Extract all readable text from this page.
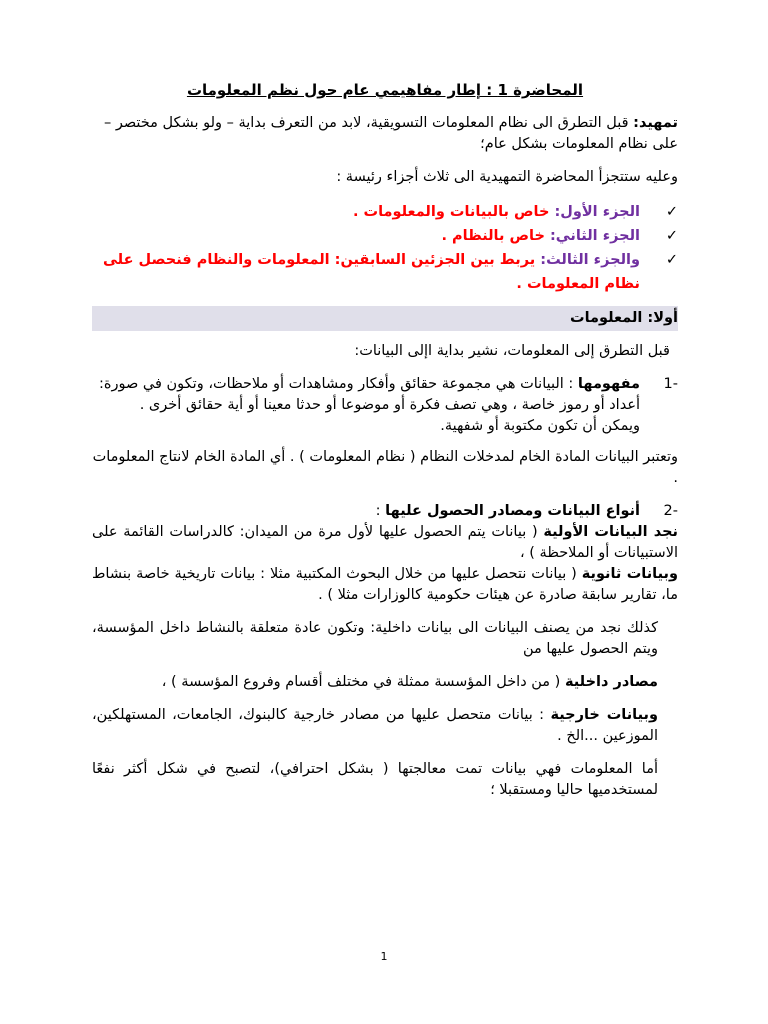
المحاضرة 1 : إطار مفاهيمي عام حول نظم المعلومات

تمهيد: قبل التطرق الى نظام المعلومات التسويقية، لابد من التعرف بداية – ولو بشكل مختصر – على نظام المعلومات بشكل عام؛

وعليه ستتجزأ المحاضرة التمهيدية الى ثلاث أجزاء رئيسة :

✓
الجزء الأول: خاص بالبيانات والمعلومات .
✓
الجزء الثاني: خاص بالنظام .
✓
والجزء الثالث: يربط بين الجزئين السابقين: المعلومات والنظام فنحصل على نظام المعلومات .
أولا: المعلومات

قبل التطرق إلى المعلومات، نشير بداية اإلى البيانات:

-1
مفهومها : البيانات هي مجموعة حقائق وأفكار ومشاهدات أو ملاحظات، وتكون في صورة: أعداد أو رموز خاصة ، وهي تصف فكرة أو موضوعا أو حدثا معينا أو أية حقائق أخرى .
ويمكن أن تكون مكتوبة أو شفهية.

وتعتبر البيانات المادة الخام لمدخلات النظام ( نظام المعلومات ) . أي المادة الخام لانتاج المعلومات .

-2
أنواع البيانات ومصادر الحصول عليها :
نجد البيانات الأولية ( بيانات يتم الحصول عليها لأول مرة من الميدان: كالدراسات القائمة على الاستبيانات أو الملاحظة ) ،
وبيانات ثانوية ( بيانات نتحصل عليها من خلال البحوث المكتبية مثلا : بيانات تاريخية خاصة بنشاط ما، تقارير سابقة صادرة عن هيئات حكومية كالوزارات مثلا ) .

كذلك نجد من يصنف البيانات الى بيانات داخلية: وتكون عادة متعلقة بالنشاط داخل المؤسسة، ويتم الحصول عليها من

مصادر داخلية ( من داخل المؤسسة ممثلة في مختلف أقسام وفروع المؤسسة ) ،

وبيانات خارجية : بيانات متحصل عليها من مصادر خارجية كالبنوك، الجامعات، المستهلكين، الموزعين ...الخ .

أما المعلومات فهي بيانات تمت معالجتها ( بشكل احترافي)، لتصبح في شكل أكثر نفعًا لمستخدميها حاليا ومستقبلا ؛

1
